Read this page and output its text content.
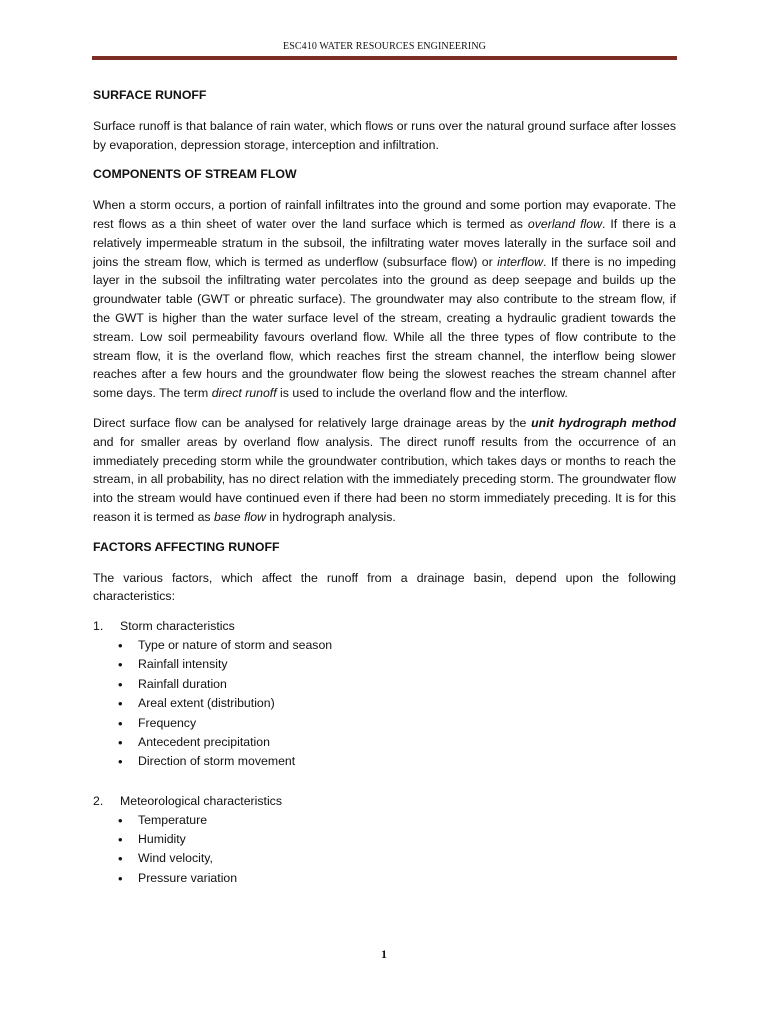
ESC410 WATER RESOURCES ENGINEERING
SURFACE RUNOFF

Surface runoff is that balance of rain water, which flows or runs over the natural ground surface after losses by evaporation, depression storage, interception and infiltration.

COMPONENTS OF STREAM FLOW

When a storm occurs, a portion of rainfall infiltrates into the ground and some portion may evaporate. The rest flows as a thin sheet of water over the land surface which is termed as overland flow. If there is a relatively impermeable stratum in the subsoil, the infiltrating water moves laterally in the surface soil and joins the stream flow, which is termed as underflow (subsurface flow) or interflow. If there is no impeding layer in the subsoil the infiltrating water percolates into the ground as deep seepage and builds up the groundwater table (GWT or phreatic surface). The groundwater may also contribute to the stream flow, if the GWT is higher than the water surface level of the stream, creating a hydraulic gradient towards the stream. Low soil permeability favours overland flow. While all the three types of flow contribute to the stream flow, it is the overland flow, which reaches first the stream channel, the interflow being slower reaches after a few hours and the groundwater flow being the slowest reaches the stream channel after some days. The term direct runoff is used to include the overland flow and the interflow.

Direct surface flow can be analysed for relatively large drainage areas by the unit hydrograph method and for smaller areas by overland flow analysis. The direct runoff results from the occurrence of an immediately preceding storm while the groundwater contribution, which takes days or months to reach the stream, in all probability, has no direct relation with the immediately preceding storm. The groundwater flow into the stream would have continued even if there had been no storm immediately preceding. It is for this reason it is termed as base flow in hydrograph analysis.

FACTORS AFFECTING RUNOFF

The various factors, which affect the runoff from a drainage basin, depend upon the following characteristics:

1.	Storm characteristics
• Type or nature of storm and season
• Rainfall intensity
• Rainfall duration
• Areal extent (distribution)
• Frequency
• Antecedent precipitation
• Direction of storm movement
2.	Meteorological characteristics
• Temperature
• Humidity
• Wind velocity,
• Pressure variation
1
